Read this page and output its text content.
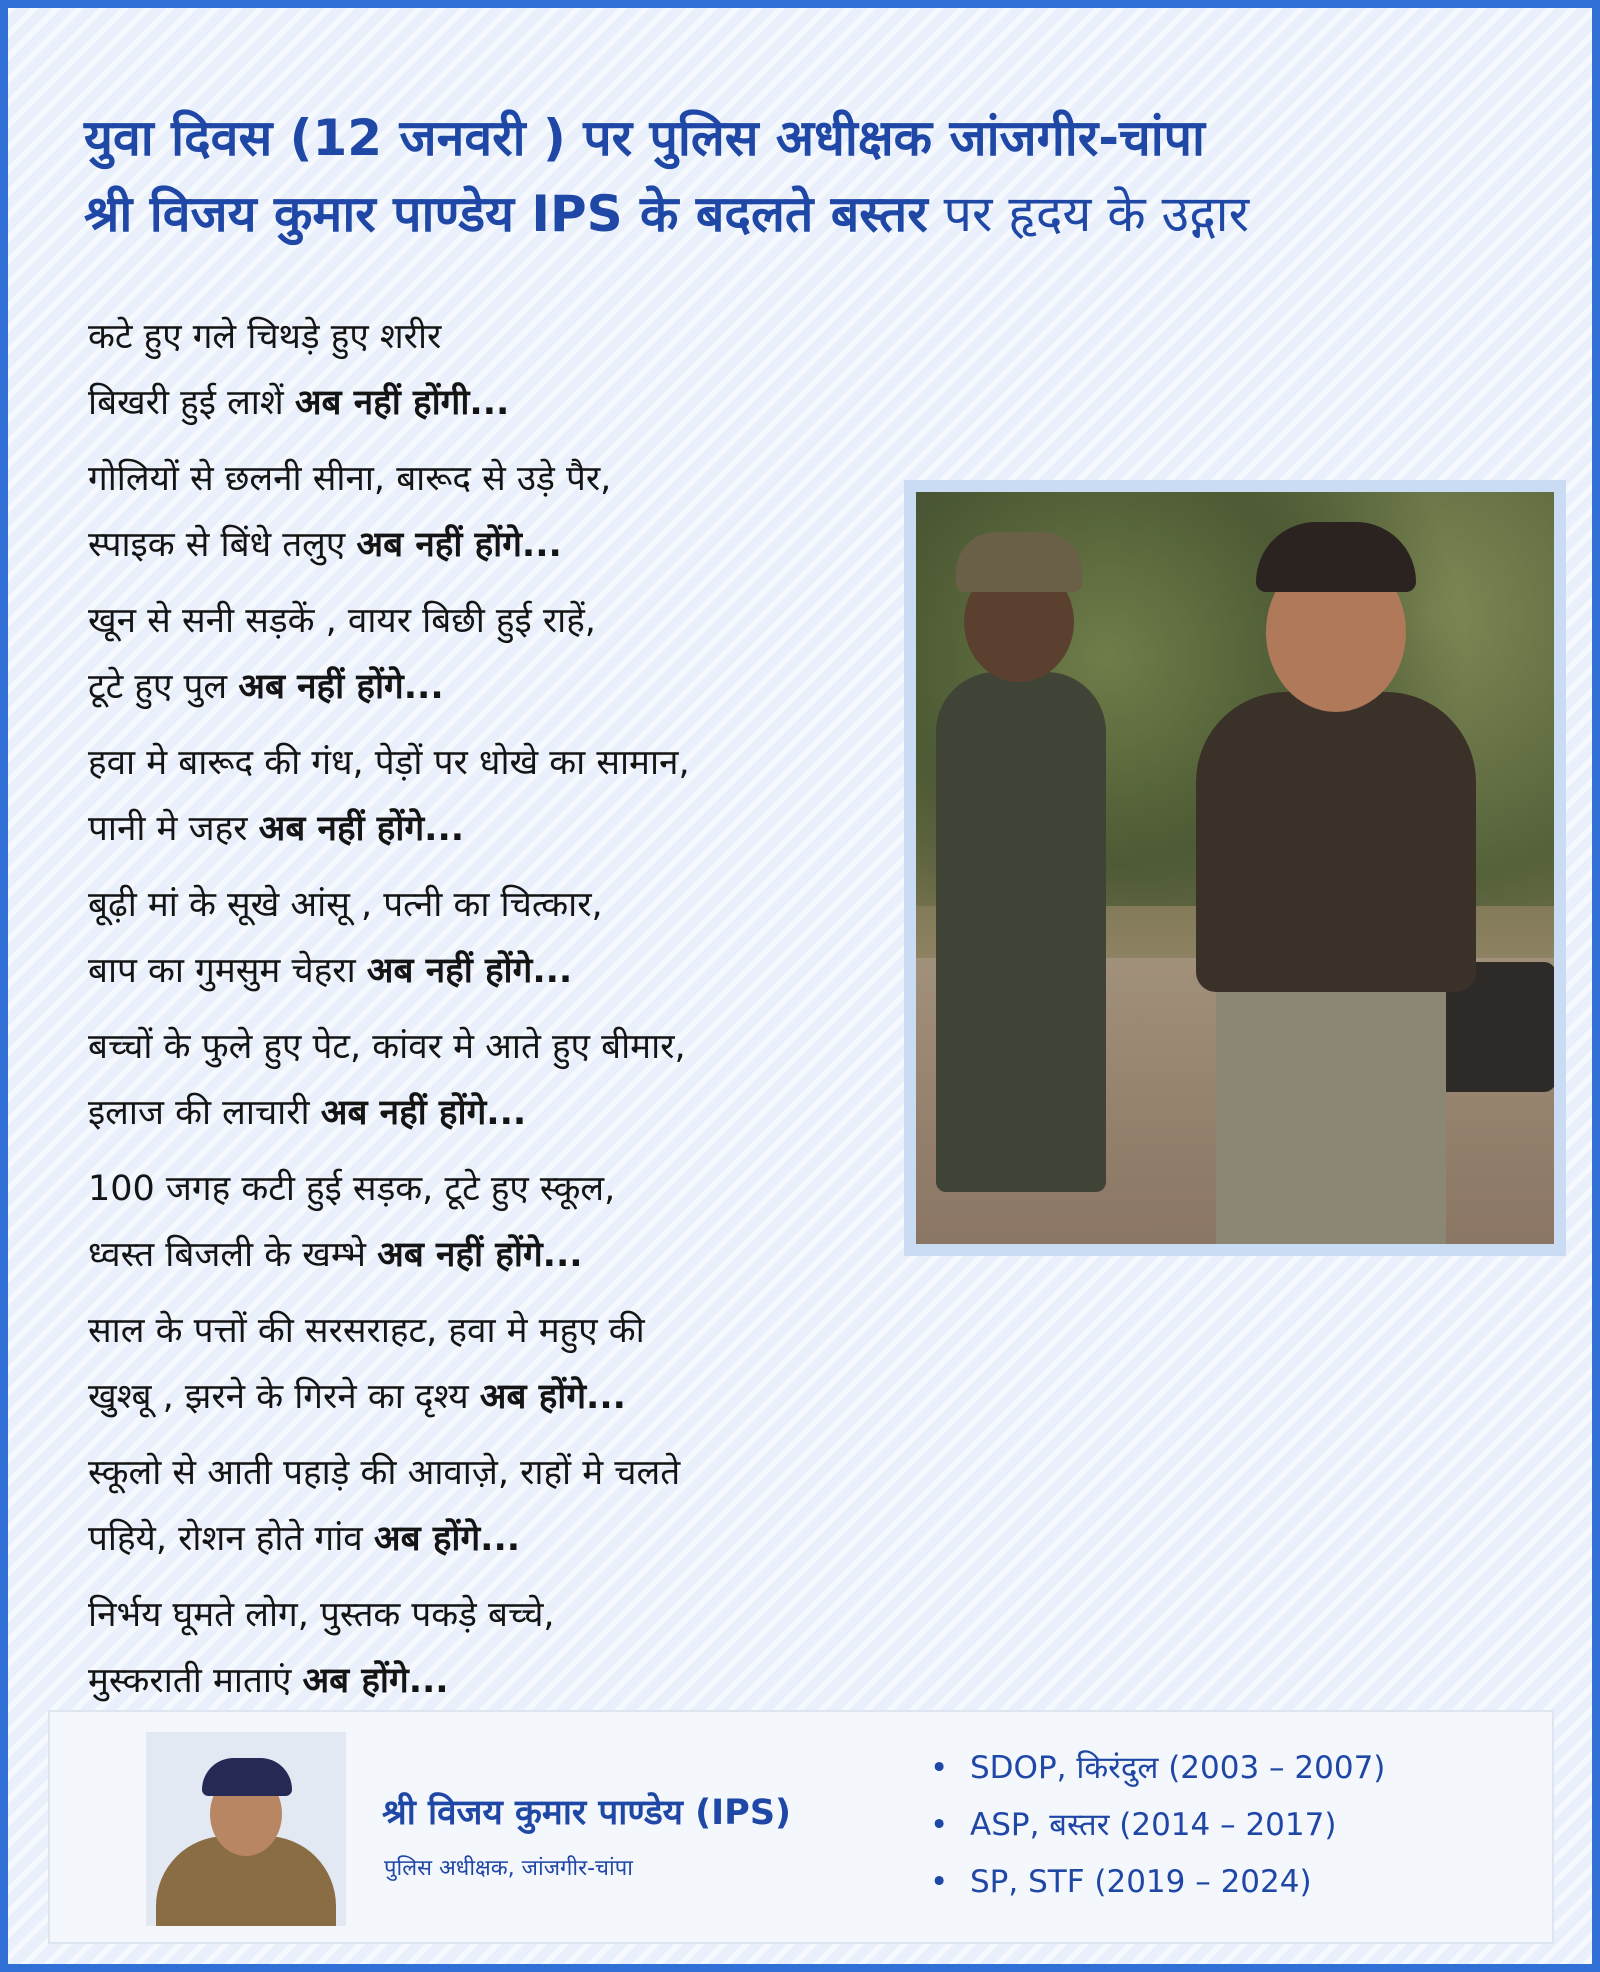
युवा दिवस (12 जनवरी ) पर पुलिस अधीक्षक जांजगीर-चांपा
श्री विजय कुमार पाण्डेय IPS के बदलते बस्तर पर हृदय के उद्गार
कटे हुए गले चिथड़े हुए शरीर
बिखरी हुई लाशें अब नहीं होंगी...
गोलियों से छलनी सीना, बारूद से उड़े पैर,
स्पाइक से बिंधे तलुए अब नहीं होंगे...
खून से सनी सड़कें , वायर बिछी हुई राहें,
टूटे हुए पुल अब नहीं होंगे...
हवा मे बारूद की गंध, पेड़ों पर धोखे का सामान,
पानी मे जहर अब नहीं होंगे...
बूढ़ी मां के सूखे आंसू , पत्नी का चित्कार,
बाप का गुमसुम चेहरा अब नहीं होंगे...
बच्चों के फुले हुए पेट, कांवर मे आते हुए बीमार,
इलाज की लाचारी अब नहीं होंगे...
100 जगह कटी हुई सड़क, टूटे हुए स्कूल,
ध्वस्त बिजली के खम्भे अब नहीं होंगे...
साल के पत्तों की सरसराहट, हवा मे महुए की
खुश्बू , झरने के गिरने का दृश्य अब होंगे...
स्कूलो से आती पहाड़े की आवाज़े, राहों मे चलते
पहिये, रोशन होते गांव अब होंगे...
निर्भय घूमते लोग, पुस्तक पकड़े बच्चे,
मुस्कराती माताएं अब होंगे...
श्री विजय कुमार पाण्डेय (IPS)
पुलिस अधीक्षक, जांजगीर-चांपा
• SDOP, किरंदुल (2003 – 2007)
• ASP, बस्तर (2014 – 2017)
• SP, STF (2019 – 2024)
